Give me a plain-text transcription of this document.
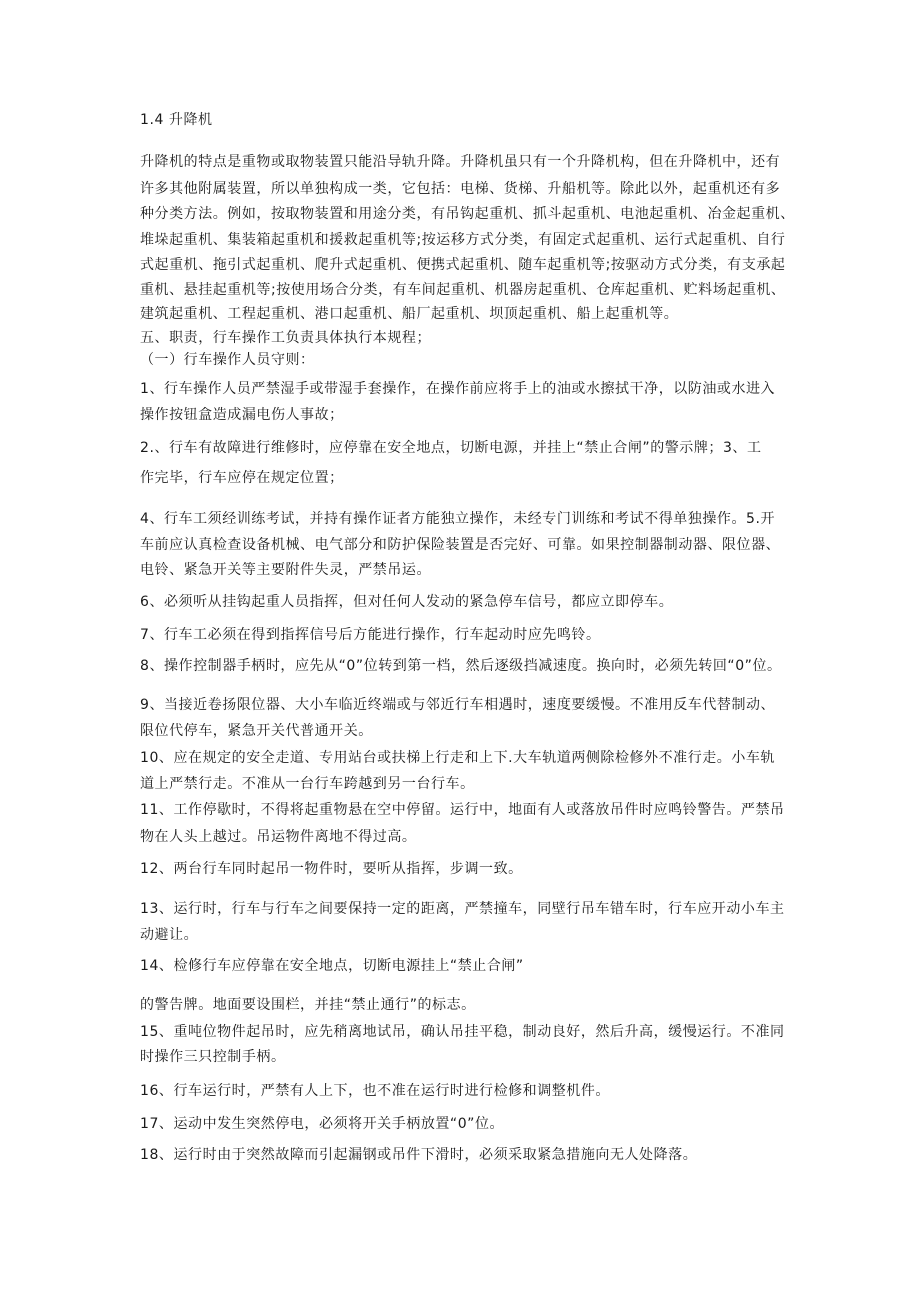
1.4 升降机
升降机的特点是重物或取物装置只能沿导轨升降。升降机虽只有一个升降机构，但在升降机中，还有
许多其他附属装置，所以单独构成一类，它包括：电梯、货梯、升船机等。除此以外，起重机还有多
种分类方法。例如，按取物装置和用途分类，有吊钩起重机、抓斗起重机、电池起重机、冶金起重机、
堆垛起重机、集装箱起重机和援救起重机等;按运移方式分类，有固定式起重机、运行式起重机、自行
式起重机、拖引式起重机、爬升式起重机、便携式起重机、随车起重机等;按驱动方式分类，有支承起
重机、悬挂起重机等;按使用场合分类，有车间起重机、机器房起重机、仓库起重机、贮料场起重机、
建筑起重机、工程起重机、港口起重机、船厂起重机、坝顶起重机、船上起重机等。
五、职责，行车操作工负责具体执行本规程；
（一）行车操作人员守则：
1、行车操作人员严禁湿手或带湿手套操作，在操作前应将手上的油或水擦拭干净，以防油或水进入
操作按钮盒造成漏电伤人事故；
2.、行车有故障进行维修时，应停靠在安全地点，切断电源，并挂上“禁止合闸”的警示牌；3、工
作完毕，行车应停在规定位置；
4、行车工须经训练考试，并持有操作证者方能独立操作，未经专门训练和考试不得单独操作。5.开
车前应认真检查设备机械、电气部分和防护保险装置是否完好、可靠。如果控制器制动器、限位器、
电铃、紧急开关等主要附件失灵，严禁吊运。
6、必须听从挂钩起重人员指挥，但对任何人发动的紧急停车信号，都应立即停车。
7、行车工必须在得到指挥信号后方能进行操作，行车起动时应先鸣铃。
8、操作控制器手柄时，应先从“0”位转到第一档，然后逐级挡减速度。换向时，必须先转回“0”位。
9、当接近卷扬限位器、大小车临近终端或与邻近行车相遇时，速度要缓慢。不准用反车代替制动、
限位代停车，紧急开关代普通开关。
10、应在规定的安全走道、专用站台或扶梯上行走和上下.大车轨道两侧除检修外不准行走。小车轨
道上严禁行走。不准从一台行车跨越到另一台行车。
11、工作停歇时，不得将起重物悬在空中停留。运行中，地面有人或落放吊件时应鸣铃警告。严禁吊
物在人头上越过。吊运物件离地不得过高。
12、两台行车同时起吊一物件时，要听从指挥，步调一致。
13、运行时，行车与行车之间要保持一定的距离，严禁撞车，同壁行吊车错车时，行车应开动小车主
动避让。
14、检修行车应停靠在安全地点，切断电源挂上“禁止合闸”
的警告牌。地面要设围栏，并挂“禁止通行”的标志。
15、重吨位物件起吊时，应先稍离地试吊，确认吊挂平稳，制动良好，然后升高，缓慢运行。不准同
时操作三只控制手柄。
16、行车运行时，严禁有人上下，也不准在运行时进行检修和调整机件。
17、运动中发生突然停电，必须将开关手柄放置“0”位。
18、运行时由于突然故障而引起漏钢或吊件下滑时，必须采取紧急措施向无人处降落。
